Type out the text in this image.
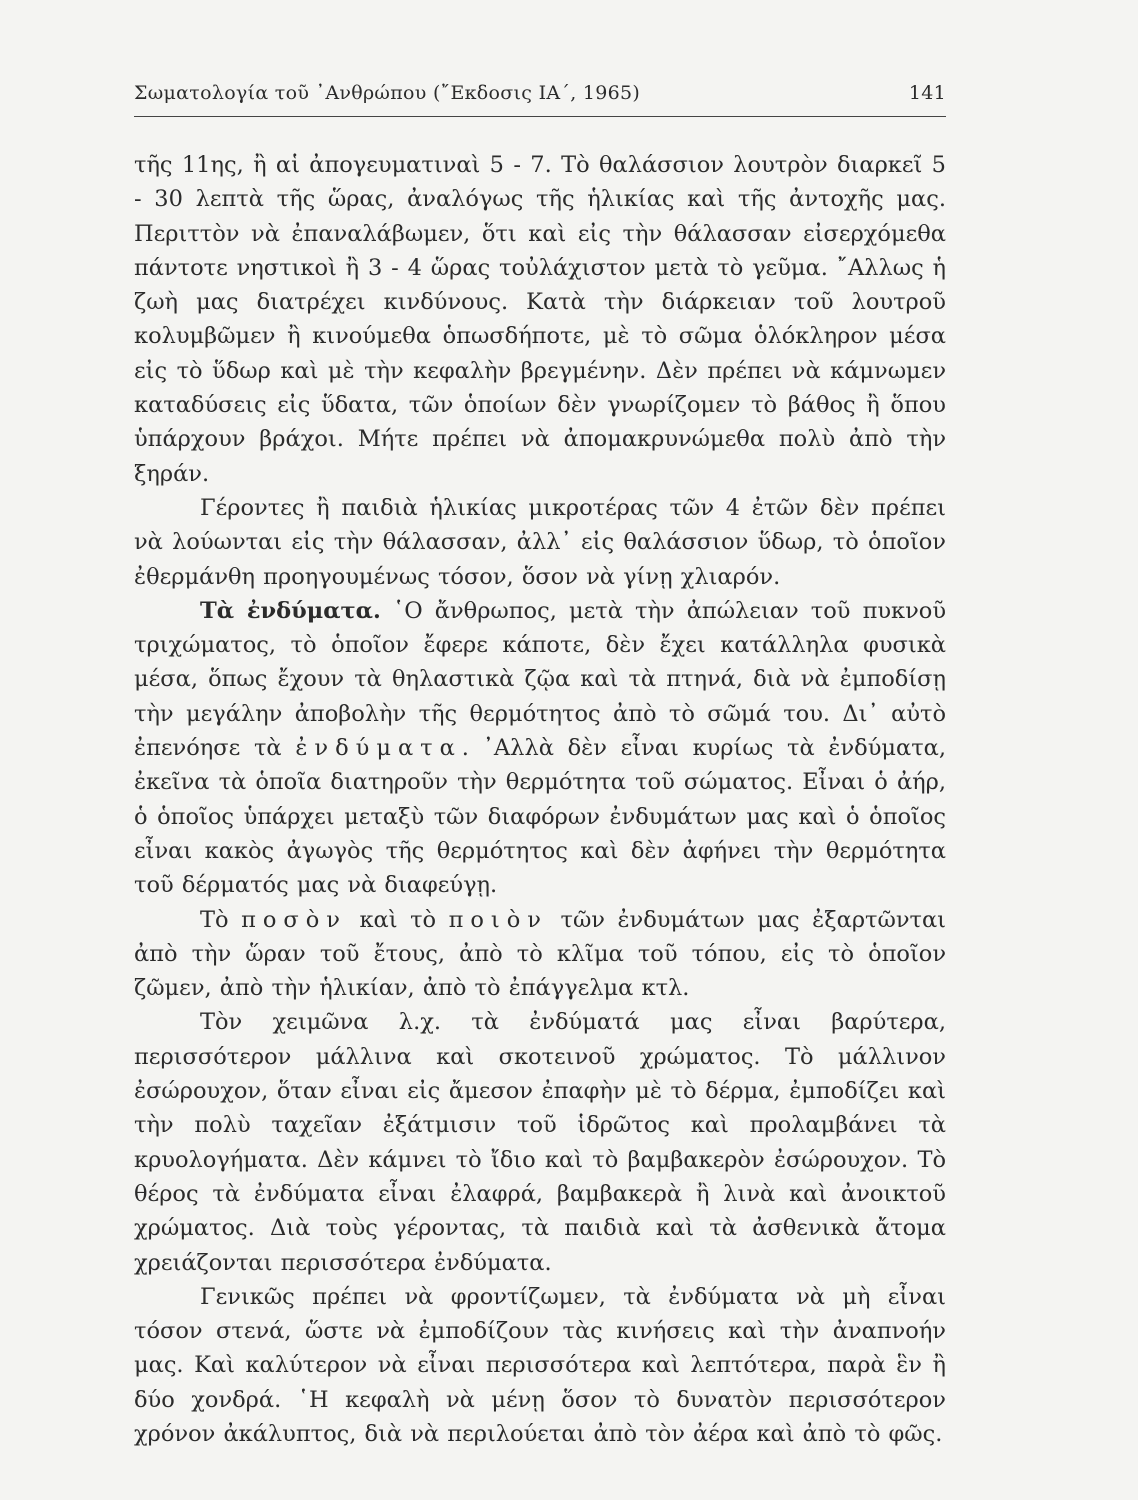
Σωματολογία τοῦ ᾿Ανθρώπου (῎Εκδοσις ΙΑ΄, 1965)	141

τῆς 11ης, ἢ αἱ ἀπογευματιναὶ 5 - 7. Τὸ θαλάσσιον λουτρὸν διαρκεῖ 5 - 30 λεπτὰ τῆς ὥρας, ἀναλόγως τῆς ἡλικίας καὶ τῆς ἀντοχῆς μας. Περιττὸν νὰ ἐπαναλάβωμεν, ὅτι καὶ εἰς τὴν θάλασσαν εἰσερχόμεθα πάντοτε νηστικοὶ ἢ 3 - 4 ὥρας τοὐλάχιστον μετὰ τὸ γεῦμα. ῎Αλλως ἡ ζωὴ μας διατρέχει κινδύνους. Κατὰ τὴν διάρκειαν τοῦ λουτροῦ κολυμβῶμεν ἢ κινούμεθα ὁπωσδήποτε, μὲ τὸ σῶμα ὁλόκληρον μέσα εἰς τὸ ὕδωρ καὶ μὲ τὴν κεφαλὴν βρεγμένην. Δὲν πρέπει νὰ κάμνωμεν καταδύσεις εἰς ὕδατα, τῶν ὁποίων δὲν γνωρίζομεν τὸ βάθος ἢ ὅπου ὑπάρχουν βράχοι. Μήτε πρέπει νὰ ἀπομακρυνώμεθα πολὺ ἀπὸ τὴν ξηράν.

Γέροντες ἢ παιδιὰ ἡλικίας μικροτέρας τῶν 4 ἐτῶν δὲν πρέπει νὰ λούωνται εἰς τὴν θάλασσαν, ἀλλ᾿ εἰς θαλάσσιον ὕδωρ, τὸ ὁποῖον ἐθερμάνθη προηγουμένως τόσον, ὅσον νὰ γίνῃ χλιαρόν.

Τὰ ἐνδύματα. ῾Ο ἄνθρωπος, μετὰ τὴν ἀπώλειαν τοῦ πυκνοῦ τριχώματος, τὸ ὁποῖον ἔφερε κάποτε, δὲν ἔχει κατάλληλα φυσικὰ μέσα, ὅπως ἔχουν τὰ θηλαστικὰ ζῷα καὶ τὰ πτηνά, διὰ νὰ ἐμποδίσῃ τὴν μεγάλην ἀποβολὴν τῆς θερμότητος ἀπὸ τὸ σῶμά του. Δι᾿ αὐτὸ ἐπενόησε τὰ ἐνδύματα. ᾿Αλλὰ δὲν εἶναι κυρίως τὰ ἐνδύματα, ἐκεῖνα τὰ ὁποῖα διατηροῦν τὴν θερμότητα τοῦ σώματος. Εἶναι ὁ ἀήρ, ὁ ὁποῖος ὑπάρχει μεταξὺ τῶν διαφόρων ἐνδυμάτων μας καὶ ὁ ὁποῖος εἶναι κακὸς ἀγωγὸς τῆς θερμότητος καὶ δὲν ἀφήνει τὴν θερμότητα τοῦ δέρματός μας νὰ διαφεύγῃ.

Τὸ ποσὸν καὶ τὸ ποιὸν τῶν ἐνδυμάτων μας ἐξαρτῶνται ἀπὸ τὴν ὥραν τοῦ ἔτους, ἀπὸ τὸ κλῖμα τοῦ τόπου, εἰς τὸ ὁποῖον ζῶμεν, ἀπὸ τὴν ἡλικίαν, ἀπὸ τὸ ἐπάγγελμα κτλ.

Τὸν χειμῶνα λ.χ. τὰ ἐνδύματά μας εἶναι βαρύτερα, περισσότερον μάλλινα καὶ σκοτεινοῦ χρώματος. Τὸ μάλλινον ἐσώρουχον, ὅταν εἶναι εἰς ἄμεσον ἐπαφὴν μὲ τὸ δέρμα, ἐμποδίζει καὶ τὴν πολὺ ταχεῖαν ἐξάτμισιν τοῦ ἱδρῶτος καὶ προλαμβάνει τὰ κρυολογήματα. Δὲν κάμνει τὸ ἴδιο καὶ τὸ βαμβακερὸν ἐσώρουχον. Τὸ θέρος τὰ ἐνδύματα εἶναι ἐλαφρά, βαμβακερὰ ἢ λινὰ καὶ ἀνοικτοῦ χρώματος. Διὰ τοὺς γέροντας, τὰ παιδιὰ καὶ τὰ ἀσθενικὰ ἄτομα χρειάζονται περισσότερα ἐνδύματα.

Γενικῶς πρέπει νὰ φροντίζωμεν, τὰ ἐνδύματα νὰ μὴ εἶναι τόσον στενά, ὥστε νὰ ἐμποδίζουν τὰς κινήσεις καὶ τὴν ἀναπνοήν μας. Καὶ καλύτερον νὰ εἶναι περισσότερα καὶ λεπτότερα, παρὰ ἓν ἢ δύο χονδρά. ῾Η κεφαλὴ νὰ μένῃ ὅσον τὸ δυνατὸν περισσότερον χρόνον ἀκάλυπτος, διὰ νὰ περιλούεται ἀπὸ τὸν ἀέρα καὶ ἀπὸ τὸ φῶς.
